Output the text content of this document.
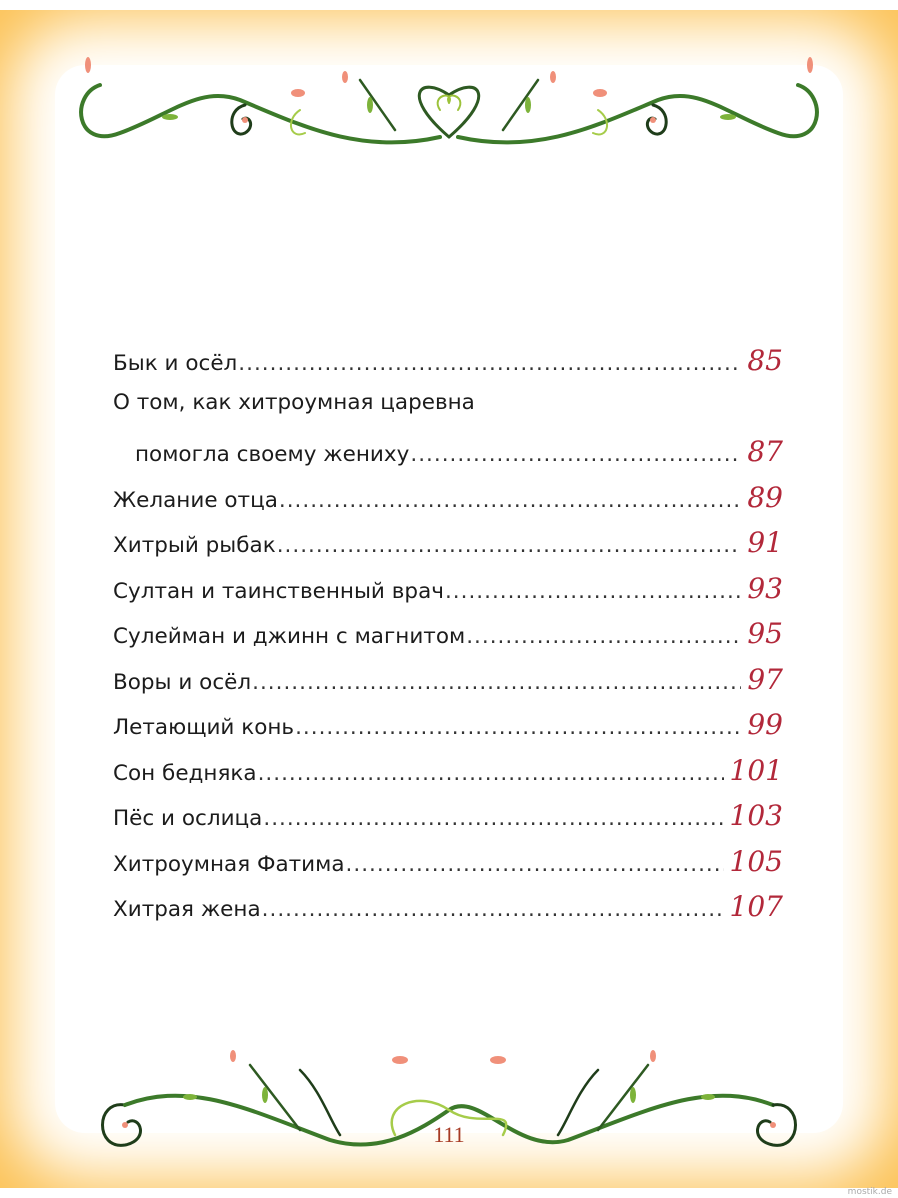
Бык и осёл .....	85
О том, как хитроумная царевна
помогла своему жениху .....	87
Желание отца .....	89
Хитрый рыбак .....	91
Султан и таинственный врач .....	93
Сулейман и джинн с магнитом .....	95
Воры и осёл .....	97
Летающий конь .....	99
Сон бедняка .....	101
Пёс и ослица .....	103
Хитроумная Фатима .....	105
Хитрая жена .....	107
111
mostik.de
